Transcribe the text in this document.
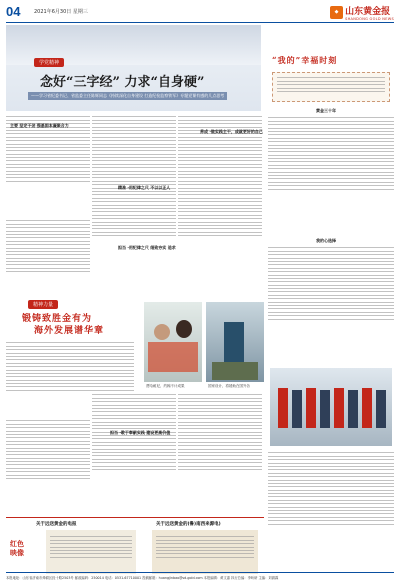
04	2021年6月30日 星期三	◆ 山东黄金报
SHANDONG GOLD NEWS
学党精神
念好“三字经” 力求“自身硬”
——学习省纪委书记、省监委主任陈辉同志《持续深化自身建设 打造纪检监察铁军》专题党课有感的几点思考
主要 坚定干劲 强基固本凝聚合力
精准 ·用纪律之尺 不以以正人
担当 ·用纪律之尺 细致夯实 追求
养成 ·做实践主干，成就更好的自己
精神力量
锻铸致胜金有为
海外发展谱华章
贾哈耐尼、约翰不计成果	国家设计、将援助在国外各
担当 ·敢于奉献实践 建设更高价值
“我的”幸福时刻
黄金三十年
我的心选择
关于远送黄金的电报	关于远送黄金的(鲁)南西来源电)
红色
映像
本报地址：山东省济南市舜耕区经十路2503号 邮政编码：250014 电话：0531-67710001 投稿邮箱：huangjinbao@sd-gold.com 本报编辑：黄文嘉 执行总编：李昕研 主编：刘源霖
